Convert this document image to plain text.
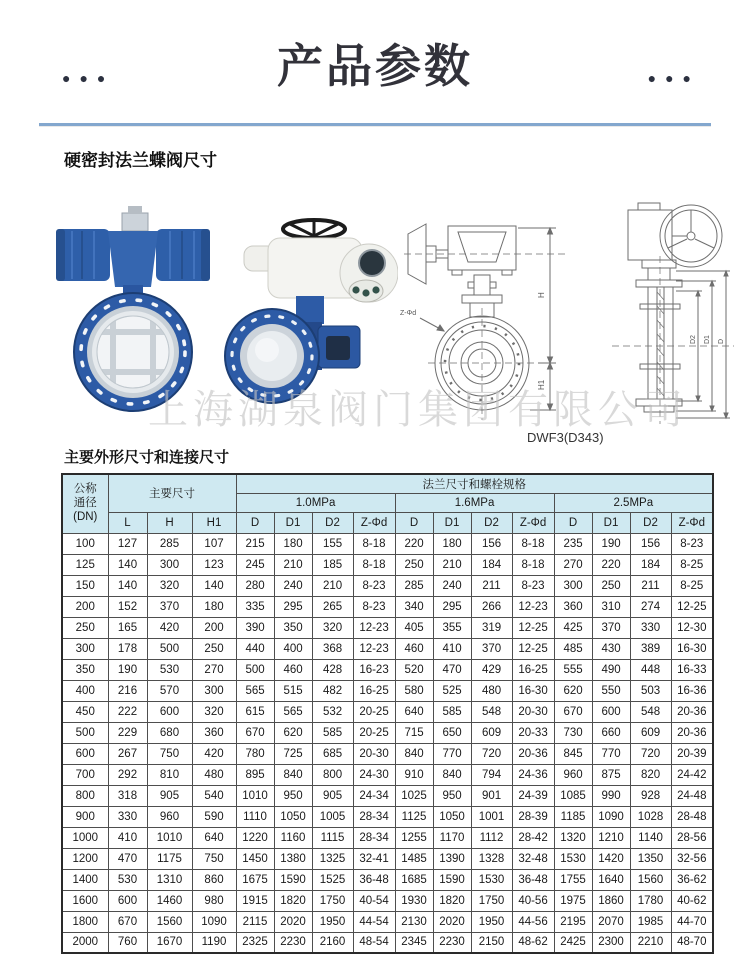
产品参数
●●●	●●●
硬密封法兰蝶阀尺寸
H
H1
Z-Φd
D2 D1 D
上海湖泉阀门集团有限公司
DWF3(D343)
主要外形尺寸和连接尺寸
公称
通径
(DN)	主要尺寸			法兰尺寸和螺栓规格											
				1.0MPa				1.6MPa				2.5MPa			
	L	H	H1	D	D1	D2	Z-Φd	D	D1	D2	Z-Φd	D	D1	D2	Z-Φd
100	127	285	107	215	180	155	8-18	220	180	156	8-18	235	190	156	8-23
125	140	300	123	245	210	185	8-18	250	210	184	8-18	270	220	184	8-25
150	140	320	140	280	240	210	8-23	285	240	211	8-23	300	250	211	8-25
200	152	370	180	335	295	265	8-23	340	295	266	12-23	360	310	274	12-25
250	165	420	200	390	350	320	12-23	405	355	319	12-25	425	370	330	12-30
300	178	500	250	440	400	368	12-23	460	410	370	12-25	485	430	389	16-30
350	190	530	270	500	460	428	16-23	520	470	429	16-25	555	490	448	16-33
400	216	570	300	565	515	482	16-25	580	525	480	16-30	620	550	503	16-36
450	222	600	320	615	565	532	20-25	640	585	548	20-30	670	600	548	20-36
500	229	680	360	670	620	585	20-25	715	650	609	20-33	730	660	609	20-36
600	267	750	420	780	725	685	20-30	840	770	720	20-36	845	770	720	20-39
700	292	810	480	895	840	800	24-30	910	840	794	24-36	960	875	820	24-42
800	318	905	540	1010	950	905	24-34	1025	950	901	24-39	1085	990	928	24-48
900	330	960	590	1110	1050	1005	28-34	1125	1050	1001	28-39	1185	1090	1028	28-48
1000	410	1010	640	1220	1160	1115	28-34	1255	1170	1112	28-42	1320	1210	1140	28-56
1200	470	1175	750	1450	1380	1325	32-41	1485	1390	1328	32-48	1530	1420	1350	32-56
1400	530	1310	860	1675	1590	1525	36-48	1685	1590	1530	36-48	1755	1640	1560	36-62
1600	600	1460	980	1915	1820	1750	40-54	1930	1820	1750	40-56	1975	1860	1780	40-62
1800	670	1560	1090	2115	2020	1950	44-54	2130	2020	1950	44-56	2195	2070	1985	44-70
2000	760	1670	1190	2325	2230	2160	48-54	2345	2230	2150	48-62	2425	2300	2210	48-70
